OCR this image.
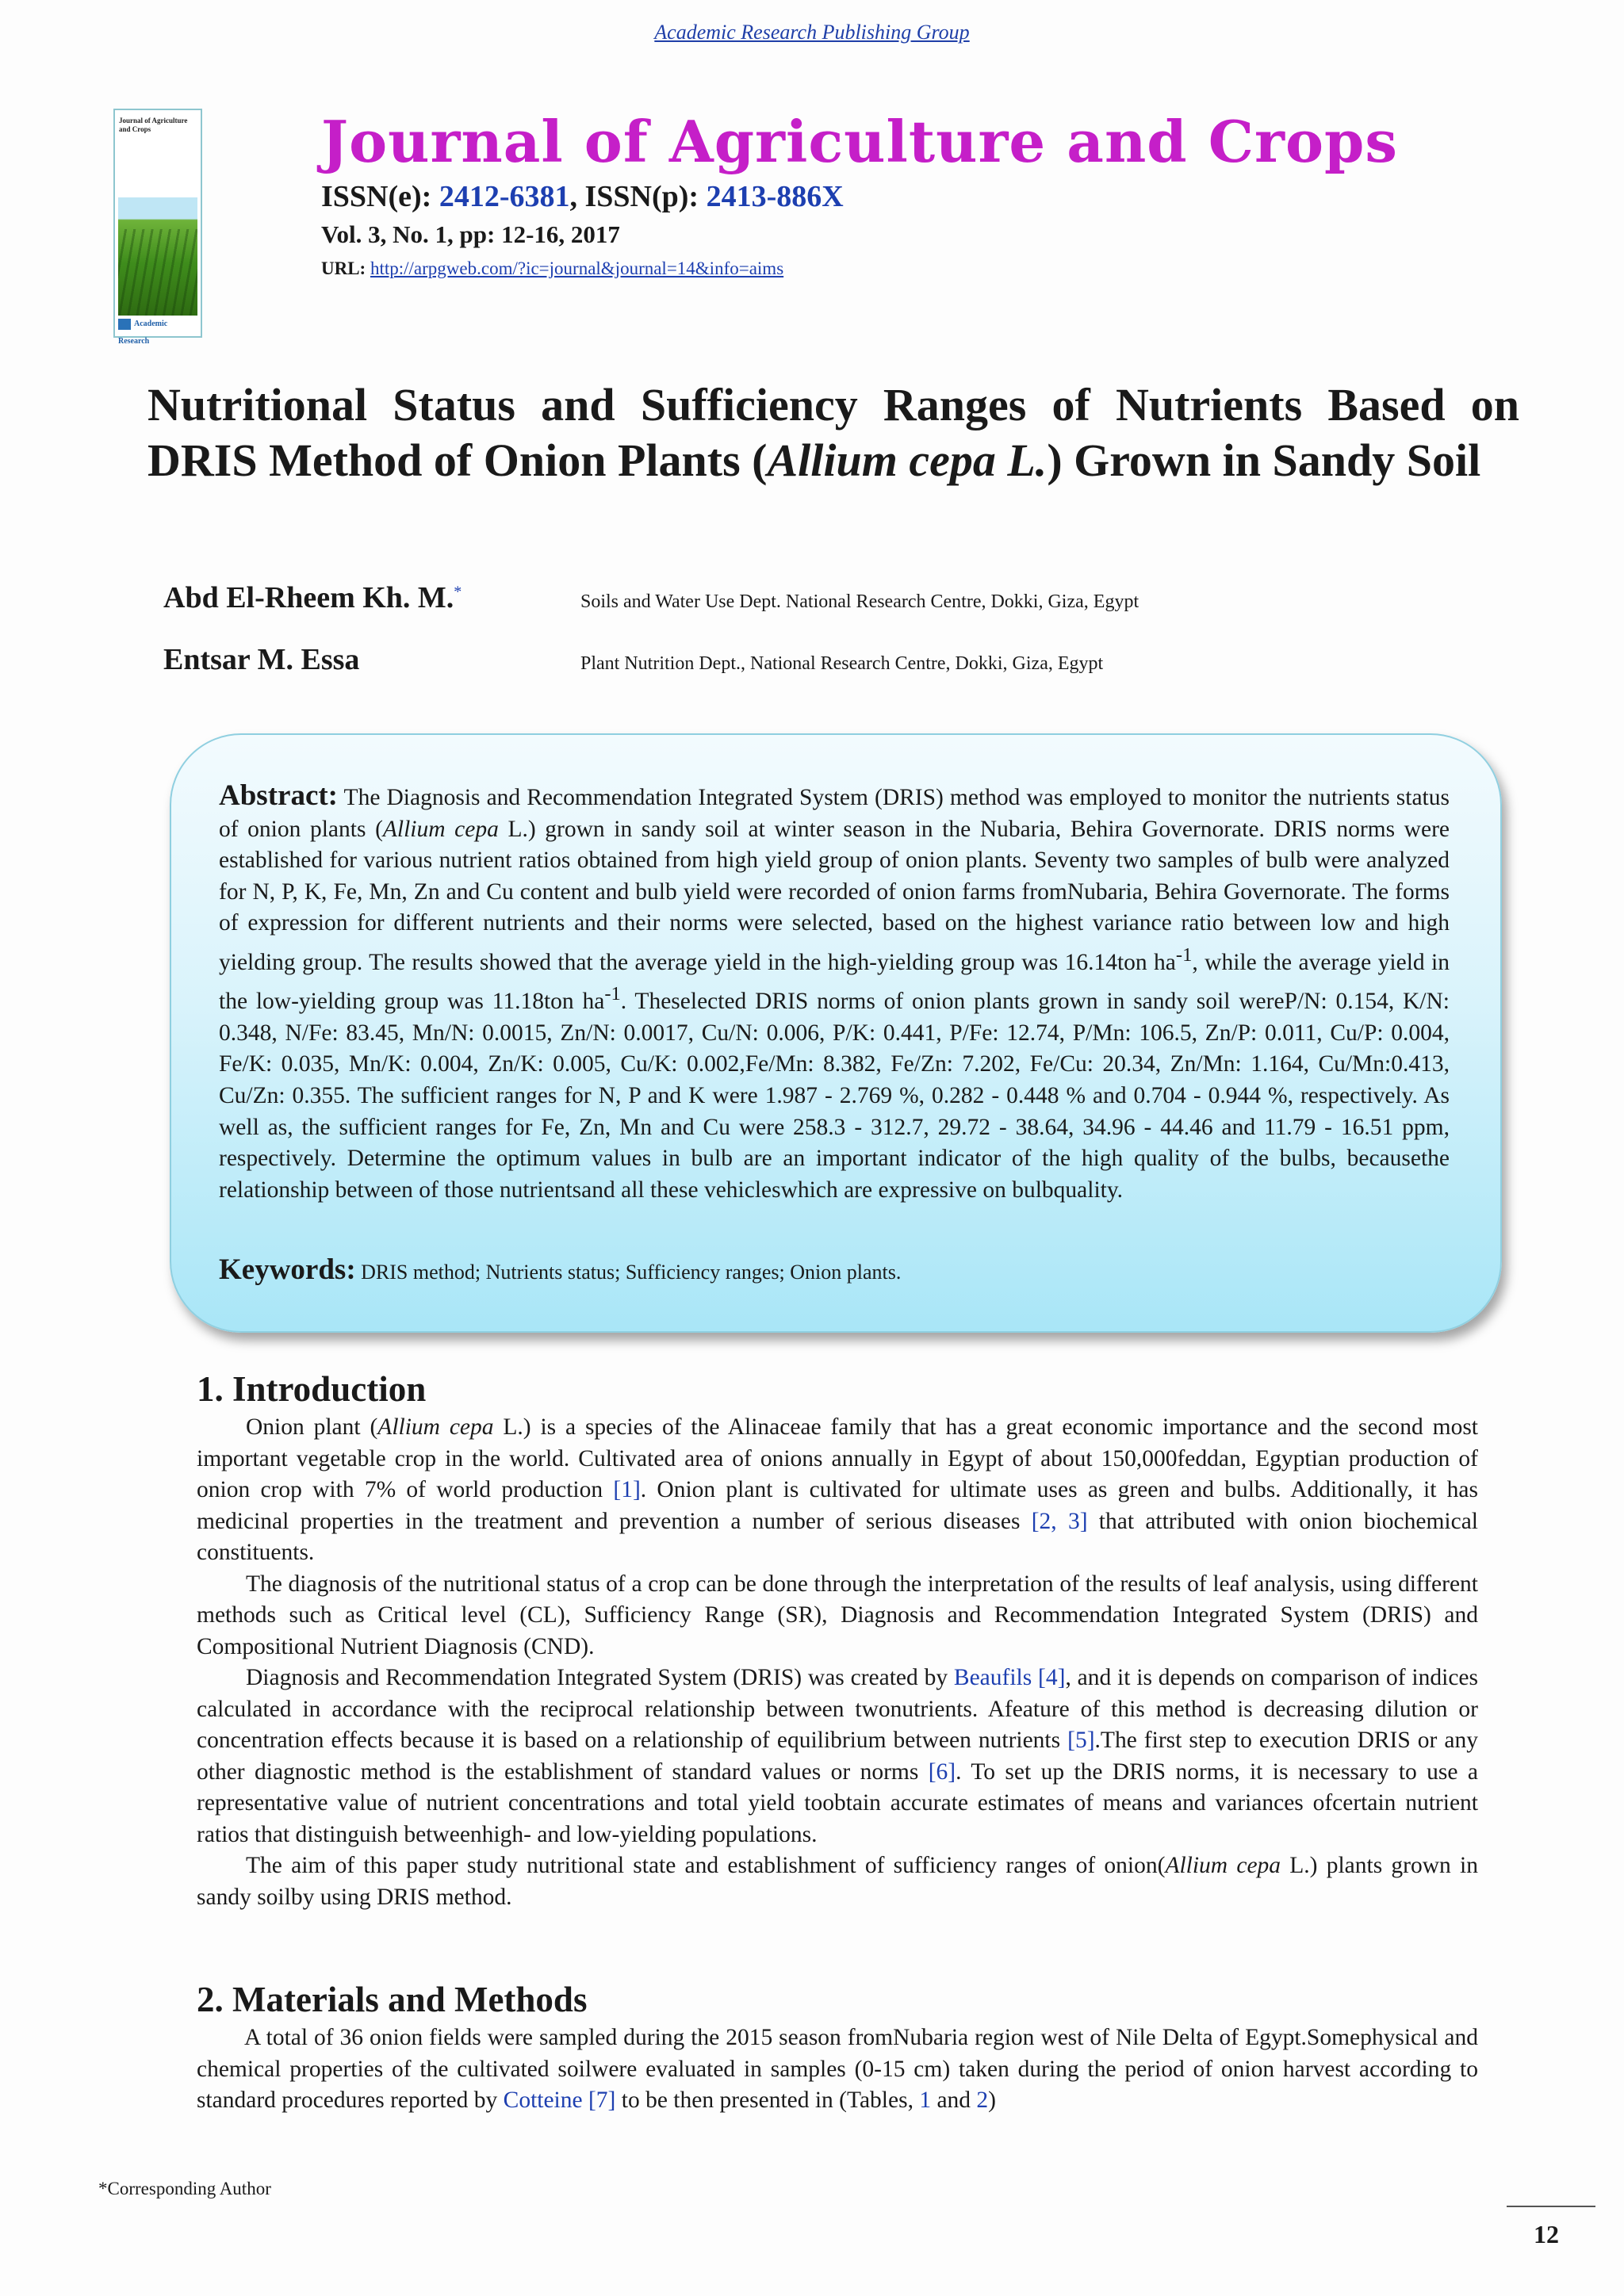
Academic Research Publishing Group
Journal of Agriculture and Crops
Academic Research
Journal of Agriculture and Crops
ISSN(e): 2412-6381, ISSN(p): 2413-886X
Vol. 3, No. 1, pp: 12-16, 2017
URL: http://arpgweb.com/?ic=journal&journal=14&info=aims
Nutritional Status and Sufficiency Ranges of Nutrients Based on DRIS Method of Onion Plants (Allium cepa L.) Grown in Sandy Soil
Abd El-Rheem Kh. M.*	Soils and Water Use Dept. National Research Centre, Dokki, Giza, Egypt
Entsar M. Essa	Plant Nutrition Dept., National Research Centre, Dokki, Giza, Egypt
Abstract: The Diagnosis and Recommendation Integrated System (DRIS) method was employed to monitor the nutrients status of onion plants (Allium cepa L.) grown in sandy soil at winter season in the Nubaria, Behira Governorate. DRIS norms were established for various nutrient ratios obtained from high yield group of onion plants. Seventy two samples of bulb were analyzed for N, P, K, Fe, Mn, Zn and Cu content and bulb yield were recorded of onion farms fromNubaria, Behira Governorate. The forms of expression for different nutrients and their norms were selected, based on the highest variance ratio between low and high yielding group. The results showed that the average yield in the high-yielding group was 16.14ton $ha^{-1}$, while the average yield in the low-yielding group was 11.18ton $ha^{-1}$. Theselected DRIS norms of onion plants grown in sandy soil wereP/N: 0.154, K/N: 0.348, N/Fe: 83.45, Mn/N: 0.0015, Zn/N: 0.0017, Cu/N: 0.006, P/K: 0.441, P/Fe: 12.74, P/Mn: 106.5, Zn/P: 0.011, Cu/P: 0.004, Fe/K: 0.035, Mn/K: 0.004, Zn/K: 0.005, Cu/K: 0.002,Fe/Mn: 8.382, Fe/Zn: 7.202, Fe/Cu: 20.34, Zn/Mn: 1.164, Cu/Mn:0.413, Cu/Zn: 0.355. The sufficient ranges for N, P and K were 1.987 - 2.769 %, 0.282 - 0.448 % and 0.704 - 0.944 %, respectively. As well as, the sufficient ranges for Fe, Zn, Mn and Cu were 258.3 - 312.7, 29.72 - 38.64, 34.96 - 44.46 and 11.79 - 16.51 ppm, respectively. Determine the optimum values in bulb are an important indicator of the high quality of the bulbs, becausethe relationship between of those nutrientsand all these vehicleswhich are expressive on bulbquality.
Keywords: DRIS method; Nutrients status; Sufficiency ranges; Onion plants.
1. Introduction

Onion plant (Allium cepa L.) is a species of the Alinaceae family that has a great economic importance and the second most important vegetable crop in the world. Cultivated area of onions annually in Egypt of about 150,000feddan, Egyptian production of onion crop with 7% of world production [1]. Onion plant is cultivated for ultimate uses as green and bulbs. Additionally, it has medicinal properties in the treatment and prevention a number of serious diseases [2, 3] that attributed with onion biochemical constituents.

The diagnosis of the nutritional status of a crop can be done through the interpretation of the results of leaf analysis, using different methods such as Critical level (CL), Sufficiency Range (SR), Diagnosis and Recommendation Integrated System (DRIS) and Compositional Nutrient Diagnosis (CND).

Diagnosis and Recommendation Integrated System (DRIS) was created by Beaufils [4], and it is depends on comparison of indices calculated in accordance with the reciprocal relationship between twonutrients. Afeature of this method is decreasing dilution or concentration effects because it is based on a relationship of equilibrium between nutrients [5].The first step to execution DRIS or any other diagnostic method is the establishment of standard values or norms [6]. To set up the DRIS norms, it is necessary to use a representative value of nutrient concentrations and total yield toobtain accurate estimates of means and variances ofcertain nutrient ratios that distinguish betweenhigh- and low-yielding populations.

The aim of this paper study nutritional state and establishment of sufficiency ranges of onion(Allium cepa L.) plants grown in sandy soilby using DRIS method.

2. Materials and Methods

A total of 36 onion fields were sampled during the 2015 season fromNubaria region west of Nile Delta of Egypt.Somephysical and chemical properties of the cultivated soilwere evaluated in samples (0-15 cm) taken during the period of onion harvest according to standard procedures reported by Cotteine [7] to be then presented in (Tables, 1 and 2)

*Corresponding Author
12
